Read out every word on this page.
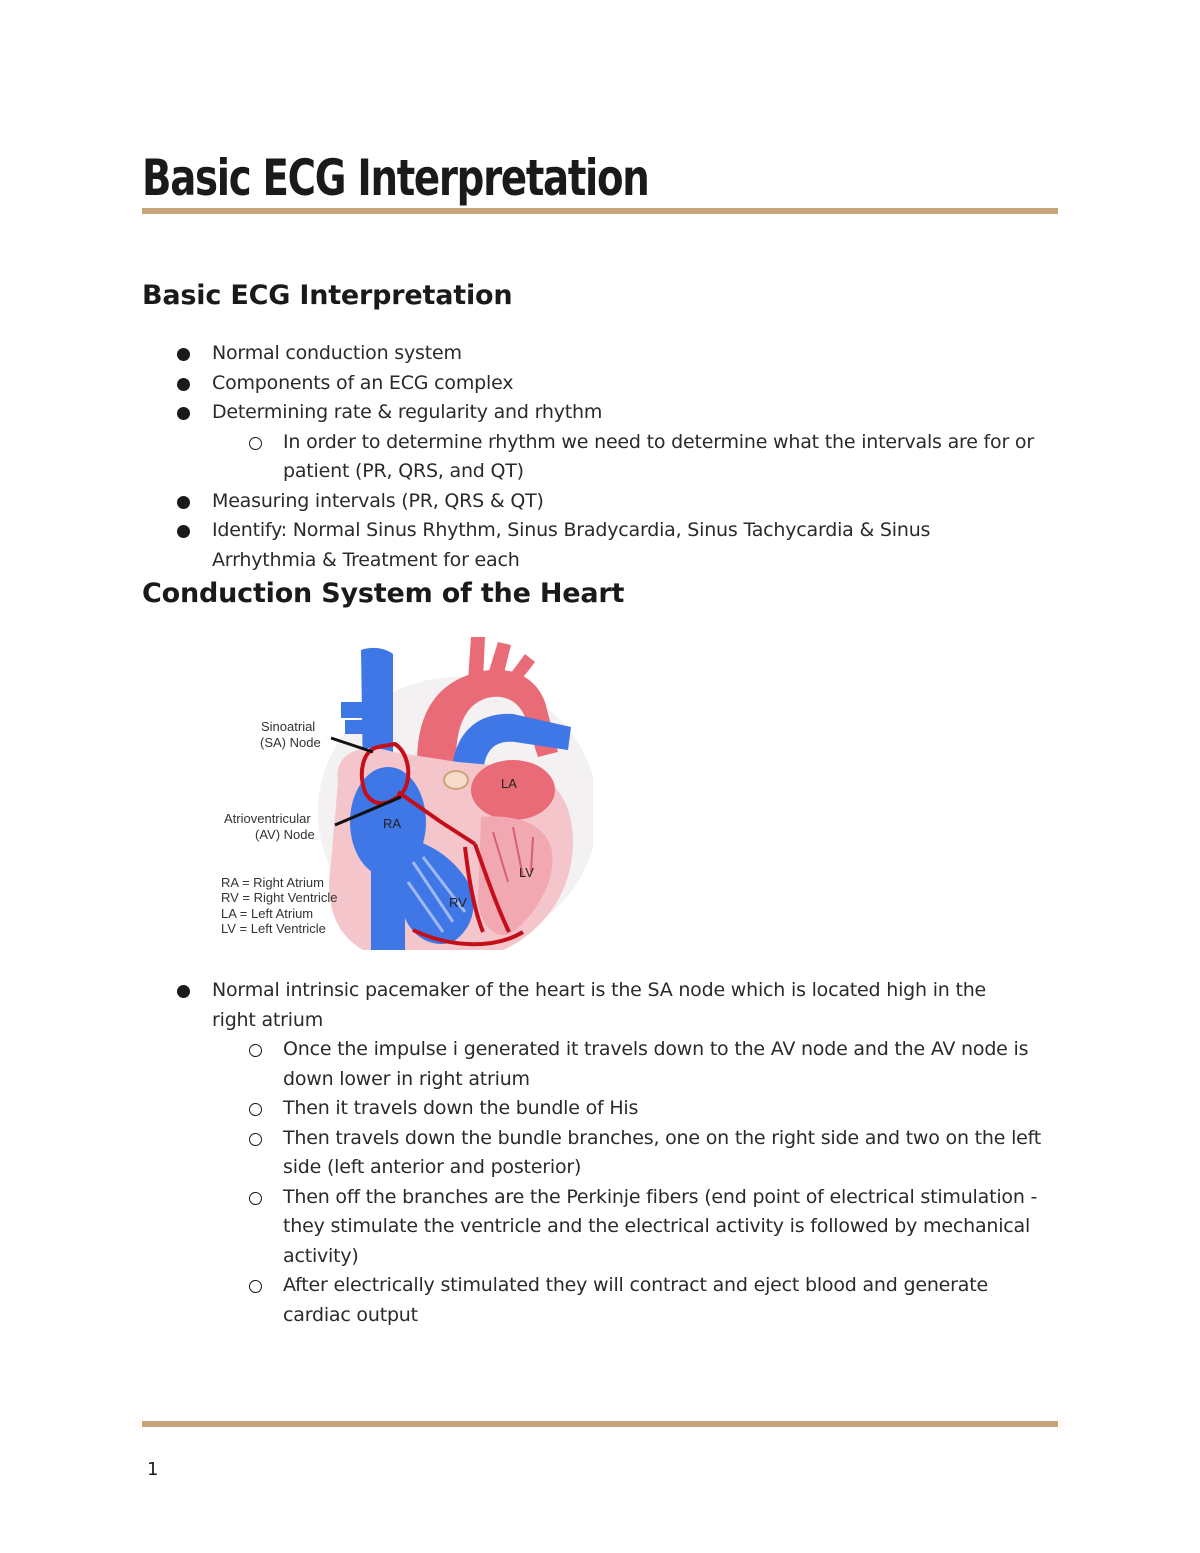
Basic ECG Interpretation
Basic ECG Interpretation
Normal conduction system
Components of an ECG complex
Determining rate & regularity and rhythm
In order to determine rhythm we need to determine what the intervals are for or patient (PR, QRS, and QT)
Measuring intervals (PR, QRS & QT)
Identify: Normal Sinus Rhythm, Sinus Bradycardia, Sinus Tachycardia & Sinus Arrhythmia & Treatment for each
Conduction System of the Heart
Sinoatrial
(SA) Node
Atrioventricular
(AV) Node
RA
RV
LA
LV
RA = Right Atrium
RV = Right Ventricle
LA = Left Atrium
LV = Left Ventricle
Normal intrinsic pacemaker of the heart is the SA node which is located high in the right atrium
Once the impulse i generated it travels down to the AV node and the AV node is down lower in right atrium
Then it travels down the bundle of His
Then travels down the bundle branches, one on the right side and two on the left side (left anterior and posterior)
Then off the branches are the Perkinje fibers (end point of electrical stimulation - they stimulate the ventricle and the electrical activity is followed by mechanical activity)
After electrically stimulated they will contract and eject blood and generate cardiac output
1
